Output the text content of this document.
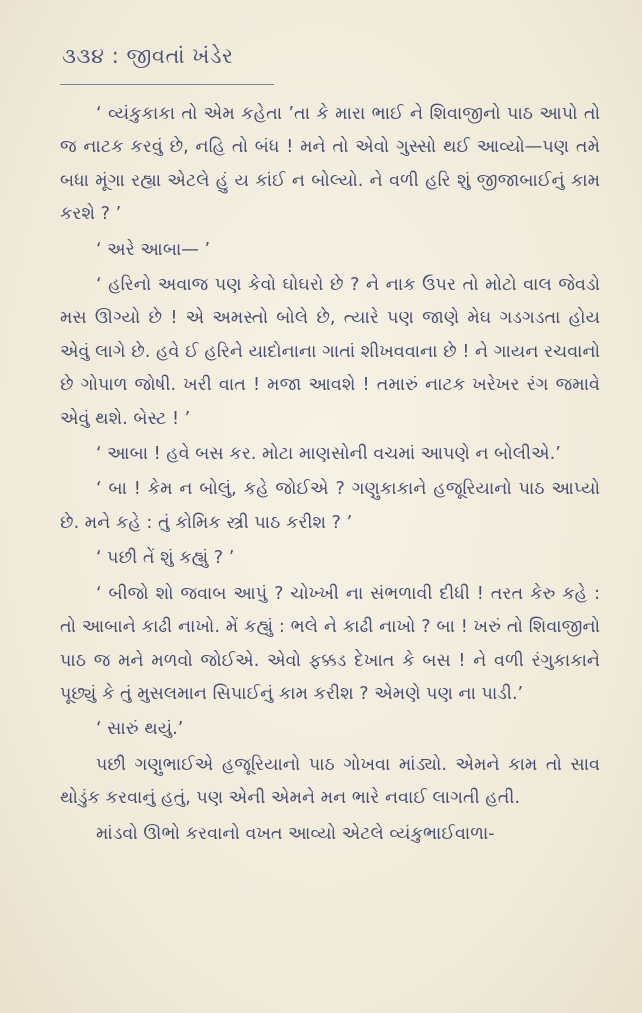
૩૩૪ : જીવતાં ખંડેર

‘ વ્યંકુકાકા તો એમ કહેતા ’તા કે મારા ભાઈ ને શિવાજીનો પાઠ આપો તો જ નાટક કરવું છે, નહિ તો બંધ ! મને તો એવો ગુસ્સો થઈ આવ્યો—પણ તમે બધા મૂંગા રહ્યા એટલે હું ય કાંઈ ન બોલ્યો. ને વળી હરિ શું જીજાબાઈનું કામ કરશે ? ’

‘ અરે આબા— ’

‘ હરિનો અવાજ પણ કેવો ઘોઘરો છે ? ને નાક ઉપર તો મોટો વાલ જેવડો મસ ઊગ્યો છે ! એ અમસ્તો બોલે છે, ત્યારે પણ જાણે મેઘ ગડગડતા હોય એવું લાગે છે. હવે ઈ હરિને યાદોનાના ગાતાં શીખવવાના છે ! ને ગાયન રચવાનો છે ગોપાળ જોષી. ખરી વાત ! મજા આવશે ! તમારું નાટક ખરેખર રંગ જમાવે એવું થશે. બેસ્ટ ! ’

‘ આબા ! હવે બસ કર. મોટા માણસોની વચમાં આપણે ન બોલીએ.’

‘ બા ! કેમ ન બોલું, કહે જોઈએ ? ગણુકાકાને હજૂરિયાનો પાઠ આપ્યો છે. મને કહે : તું કોમિક સ્ત્રી પાઠ કરીશ ? ’

‘ પછી તેં શું કહ્યું ? ’

‘ બીજો શો જવાબ આપું ? ચોખ્ખી ના સંભળાવી દીધી ! તરત કેરુ કહે : તો આબાને કાઢી નાખો. મેં કહ્યું : ભલે ને કાઢી નાખો ? બા ! ખરું તો શિવાજીનો પાઠ જ મને મળવો જોઈએ. એવો ફક્કડ દેખાત કે બસ ! ને વળી રંગુકાકાને પૂછ્યું કે તું મુસલમાન સિપાઈનું કામ કરીશ ? એમણે પણ ના પાડી.’

‘ સારું થયું.’

પછી ગણુભાઈએ હજૂરિયાનો પાઠ ગોખવા માંડ્યો. એમને કામ તો સાવ થોડુંક કરવાનું હતું, પણ એની એમને મન ભારે નવાઈ લાગતી હતી.

માંડવો ઊભો કરવાનો વખત આવ્યો એટલે વ્યંકુભાઈવાળા-
